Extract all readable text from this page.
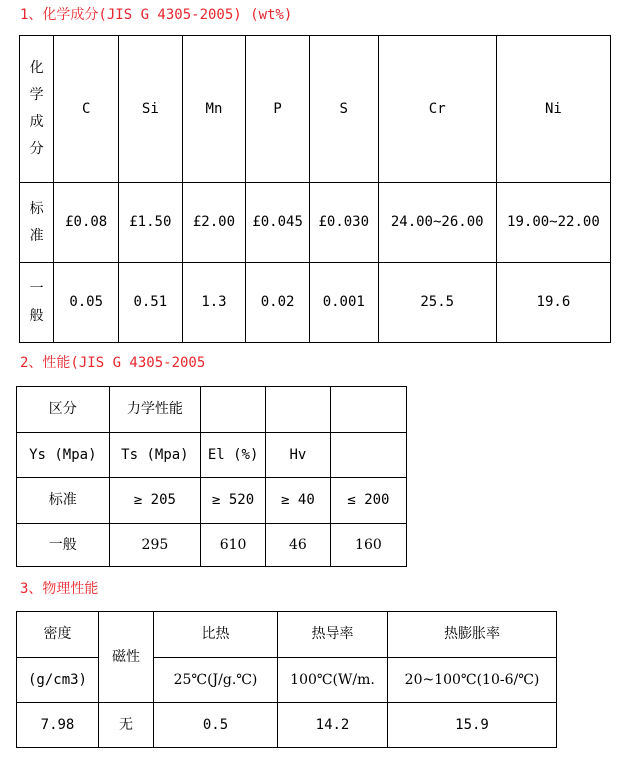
1、化学成分(JIS G 4305-2005) (wt%)
化学成分	C	Si	Mn	P	S	Cr	Ni
标准	£0.08	£1.50	£2.00	£0.045	£0.030	24.00~26.00	19.00~22.00

一般	0.05	0.51	1.3	0.02	0.001	25.5	19.6
2、性能(JIS G 4305-2005
区分	力学性能			
Ys (Mpa)	Ts (Mpa)	El (%)	Hv	
标准	≥ 205	≥ 520	≥ 40	≤ 200
一般	295	610	46	160
3、物理性能
密度	磁性	比热	热导率	热膨胀率
(g/cm3)		25℃(J/g.℃)	100℃(W/m.	20~100℃(10-6/℃)
7.98	无	0.5	14.2	15.9
